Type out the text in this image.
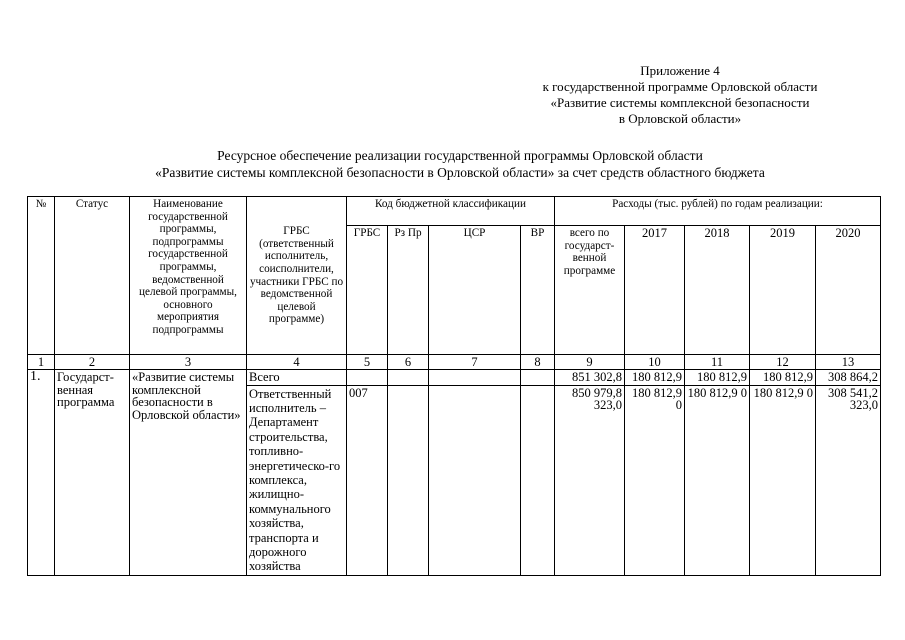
Приложение 4
к государственной программе Орловской области
«Развитие системы комплексной безопасности
в Орловской области»
Ресурсное обеспечение реализации государственной программы Орловской области
«Развитие системы комплексной безопасности в Орловской области» за счет средств областного бюджета
№	Статус	Наименование государственной программы, подпрограммы государственной программы, ведомственной целевой программы, основного мероприятия подпрограммы	ГРБС (ответственный исполнитель, соисполнители, участники ГРБС по ведомственной целевой программе)	Код бюджетной классификации				Расходы (тыс. рублей) по годам реализации:				
				ГРБС	Рз Пр	ЦСР	ВР	всего по государст-венной программе	2017	2018	2019	2020
1	2	3	4	5	6	7	8	9	10	11	12	13
1.	Государст-венная программа	«Развитие системы комплексной безопасности в Орловской области»	Всего					851 302,8	180 812,9	180 812,9	180 812,9	308 864,2
			Ответственный исполнитель – Департамент строительства, топливно-энергетическо-го комплекса, жилищно-коммунального хозяйства, транспорта и дорожного хозяйства	007				850 979,8 323,0	180 812,9 0	180 812,9 0	180 812,9 0	308 541,2 323,0
